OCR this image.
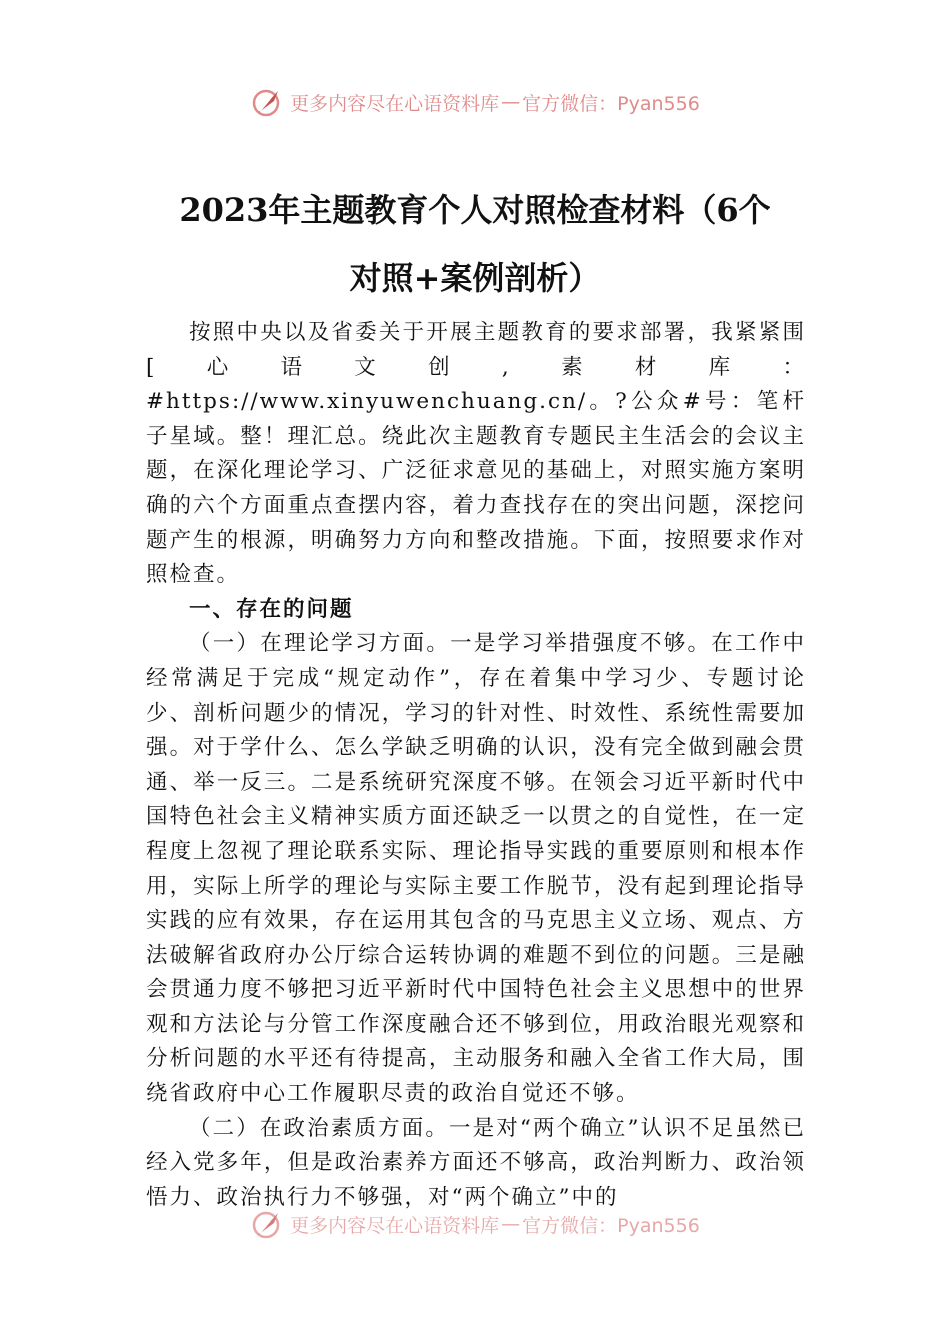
更多内容尽在心语资料库 — 官方微信：Pyan556
2023年主题教育个人对照检查材料（6个
对照+案例剖析）

按照中央以及省委关于开展主题教育的要求部署，我紧紧围[心语文创,素材库：#https://www.xinyuwenchuang.cn/。?公众#号：笔杆子星域。整！理汇总。绕此次主题教育专题民主生活会的会议主题，在深化理论学习、广泛征求意见的基础上，对照实施方案明确的六个方面重点查摆内容，着力查找存在的突出问题，深挖问题产生的根源，明确努力方向和整改措施。下面，按照要求作对照检查。

一、存在的问题

（一）在理论学习方面。一是学习举措强度不够。在工作中经常满足于完成“规定动作”，存在着集中学习少、专题讨论少、剖析问题少的情况，学习的针对性、时效性、系统性需要加强。对于学什么、怎么学缺乏明确的认识，没有完全做到融会贯通、举一反三。二是系统研究深度不够。在领会习近平新时代中国特色社会主义精神实质方面还缺乏一以贯之的自觉性，在一定程度上忽视了理论联系实际、理论指导实践的重要原则和根本作用，实际上所学的理论与实际主要工作脱节，没有起到理论指导实践的应有效果，存在运用其包含的马克思主义立场、观点、方法破解省政府办公厅综合运转协调的难题不到位的问题。三是融会贯通力度不够把习近平新时代中国特色社会主义思想中的世界观和方法论与分管工作深度融合还不够到位，用政治眼光观察和分析问题的水平还有待提高，主动服务和融入全省工作大局，围绕省政府中心工作履职尽责的政治自觉还不够。

（二）在政治素质方面。一是对“两个确立”认识不足虽然已经入党多年，但是政治素养方面还不够高，政治判断力、政治领悟力、政治执行力不够强，对“两个确立”中的

更多内容尽在心语资料库 — 官方微信：Pyan556
